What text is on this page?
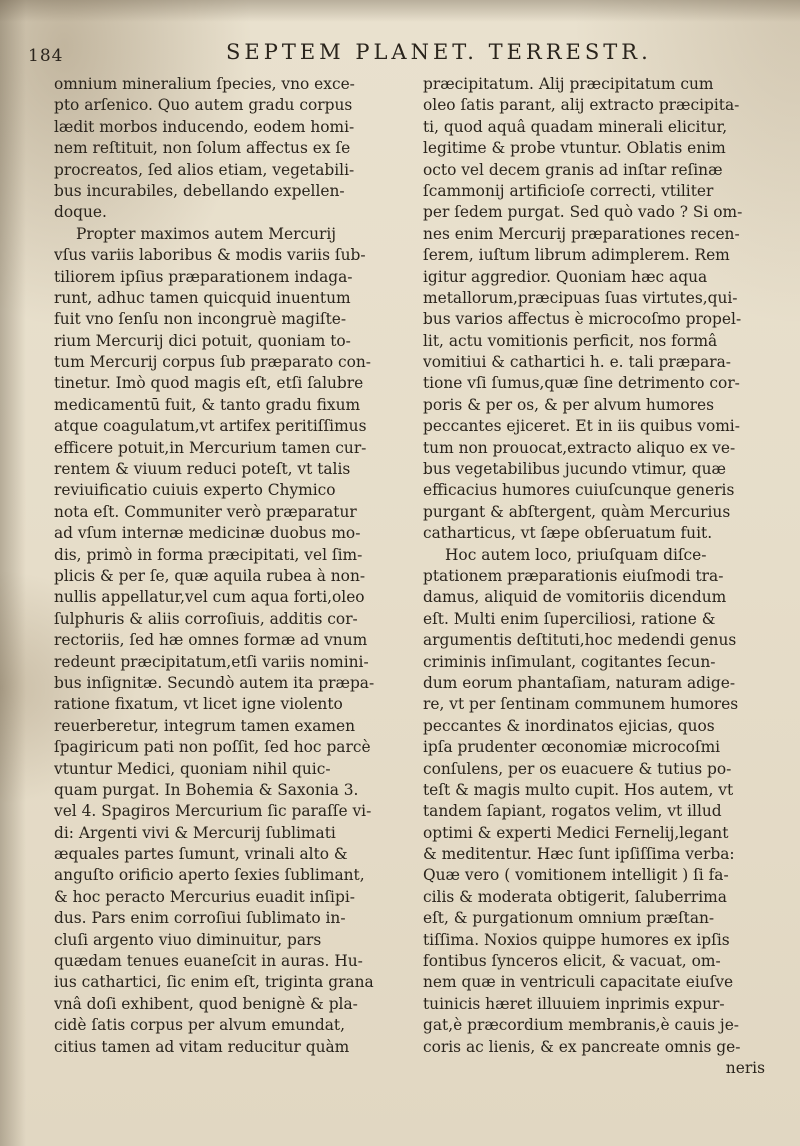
184	SEPTEM PLANET. TERRESTR.
omnium mineralium ſpecies, vno exce-
pto arſenico. Quo autem gradu corpus
lædit morbos inducendo, eodem homi-
nem reſtituit, non ſolum affectus ex ſe
procreatos, ſed alios etiam, vegetabili-
bus incurabiles, debellando expellen-
doque.
Propter maximos autem Mercurij
vſus variis laboribus & modis variis ſub-
tiliorem ipſius præparationem indaga-
runt, adhuc tamen quicquid inuentum
fuit vno ſenſu non incongruè magiſte-
rium Mercurij dici potuit, quoniam to-
tum Mercurij corpus ſub præparato con-
tinetur. Imò quod magis eſt, etſi ſalubre
medicamentū fuit, & tanto gradu fixum
atque coagulatum,vt artifex peritiſſimus
efficere potuit,in Mercurium tamen cur-
rentem & viuum reduci poteſt, vt talis
reviuificatio cuiuis experto Chymico
nota eſt. Communiter verò præparatur
ad vſum internæ medicinæ duobus mo-
dis, primò in forma præcipitati, vel ſim-
plicis & per ſe, quæ aquila rubea à non-
nullis appellatur,vel cum aqua forti,oleo
ſulphuris & aliis corroſiuis, additis cor-
rectoriis, ſed hæ omnes formæ ad vnum
redeunt præcipitatum,etſi variis nomini-
bus inſignitæ. Secundò autem ita præpa-
ratione fixatum, vt licet igne violento
reuerberetur, integrum tamen examen
ſpagiricum pati non poſſit, ſed hoc parcè
vtuntur Medici, quoniam nihil quic-
quam purgat. In Bohemia & Saxonia 3.
vel 4. Spagiros Mercurium ſic paraſſe vi-
di: Argenti vivi & Mercurij ſublimati
æquales partes ſumunt, vrinali alto &
anguſto orificio aperto ſexies ſublimant,
& hoc peracto Mercurius euadit inſipi-
dus. Pars enim corroſiui ſublimato in-
cluſi argento viuo diminuitur, pars
quædam tenues euaneſcit in auras. Hu-
ius cathartici, ſic enim eſt, triginta grana
vnâ doſi exhibent, quod benignè & pla-
cidè ſatis corpus per alvum emundat,
citius tamen ad vitam reducitur quàm
præcipitatum. Alij præcipitatum cum
oleo ſatis parant, alij extracto præcipita-
ti, quod aquâ quadam minerali elicitur,
legitime & probe vtuntur. Oblatis enim
octo vel decem granis ad inſtar reſinæ
ſcammonij artificioſe correcti, vtiliter
per ſedem purgat. Sed quò vado ? Si om-
nes enim Mercurij præparationes recen-
ſerem, iuſtum librum adimplerem. Rem
igitur aggredior. Quoniam hæc aqua
metallorum,præcipuas ſuas virtutes,qui-
bus varios affectus è microcoſmo propel-
lit, actu vomitionis perficit, nos formâ
vomitiui & cathartici h. e. tali præpara-
tione vſi ſumus,quæ ſine detrimento cor-
poris & per os, & per alvum humores
peccantes ejiceret. Et in iis quibus vomi-
tum non prouocat,extracto aliquo ex ve-
bus vegetabilibus jucundo vtimur, quæ
efficacius humores cuiuſcunque generis
purgant & abſtergent, quàm Mercurius
catharticus, vt ſæpe obſeruatum fuit.
Hoc autem loco, priuſquam diſce-
ptationem præparationis eiuſmodi tra-
damus, aliquid de vomitoriis dicendum
eſt. Multi enim ſuperciliosi, ratione &
argumentis deſtituti,hoc medendi genus
criminis inſimulant, cogitantes ſecun-
dum eorum phantaſiam, naturam adige-
re, vt per ſentinam communem humores
peccantes & inordinatos ejicias, quos
ipſa prudenter œconomiæ microcoſmi
conſulens, per os euacuere & tutius po-
teſt & magis multo cupit. Hos autem, vt
tandem ſapiant, rogatos velim, vt illud
optimi & experti Medici Fernelij,legant
& meditentur. Hæc ſunt ipſiſſima verba:
Quæ vero ( vomitionem intelligit ) ſi fa-
cilis & moderata obtigerit, ſaluberrima
eſt, & purgationum omnium præſtan-
tiſſima. Noxios quippe humores ex ipſis
fontibus ſynceros elicit, & vacuat, om-
nem quæ in ventriculi capacitate eiuſve
tuinicis hæret illuuiem inprimis expur-
gat,è præcordium membranis,è cauis je-
coris ac lienis, & ex pancreate omnis ge-
neris
